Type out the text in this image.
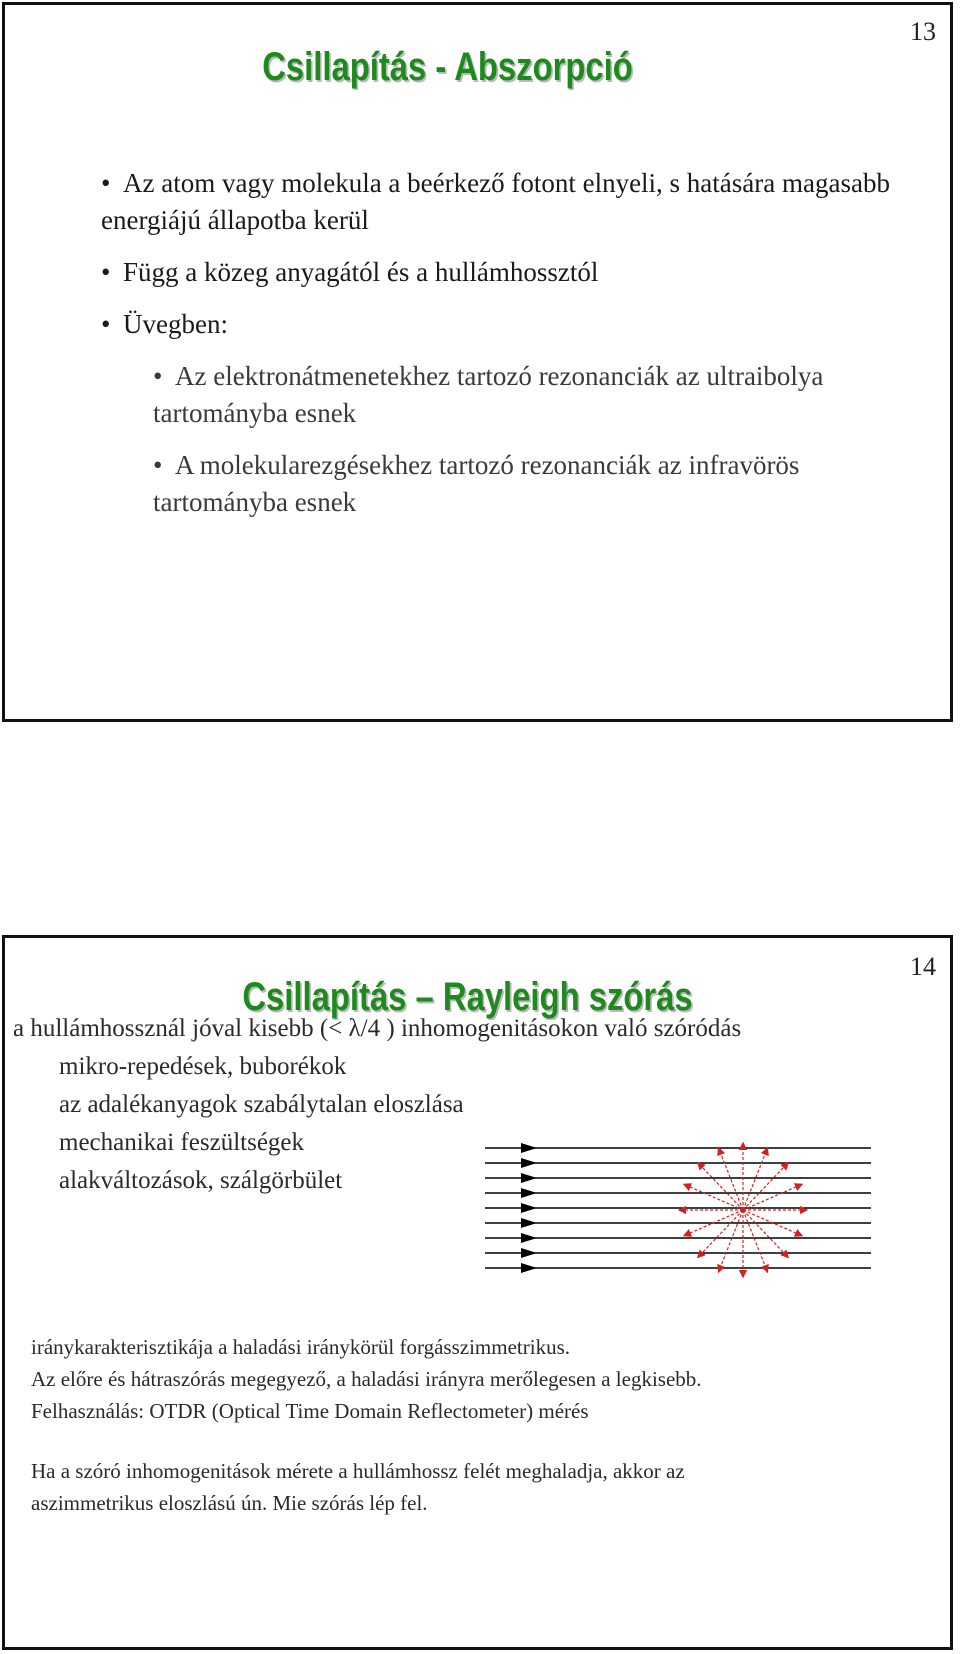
13
Csillapítás - Abszorpció
• Az atom vagy molekula a beérkező fotont elnyeli, s hatására magasabb energiájú állapotba kerül
• Függ a közeg anyagától és a hullámhossztól
• Üvegben:
• Az elektronátmenetekhez tartozó rezonanciák az ultraibolya tartományba esnek
• A molekularezgésekhez tartozó rezonanciák az infravörös tartományba esnek
14
Csillapítás – Rayleigh szórás
a hullámhossznál jóval kisebb (< λ/4 ) inhomogenitásokon való szóródás
mikro-repedések, buborékok
az adalékanyagok szabálytalan eloszlása
mechanikai feszültségek
alakváltozások, szálgörbület
iránykarakterisztikája a haladási iránykörül forgásszimmetrikus.
Az előre és hátraszórás megegyező, a haladási irányra merőlegesen a legkisebb.
Felhasználás: OTDR (Optical Time Domain Reflectometer) mérés
Ha a szóró inhomogenitások mérete a hullámhossz felét meghaladja, akkor az
aszimmetrikus eloszlású ún. Mie szórás lép fel.
